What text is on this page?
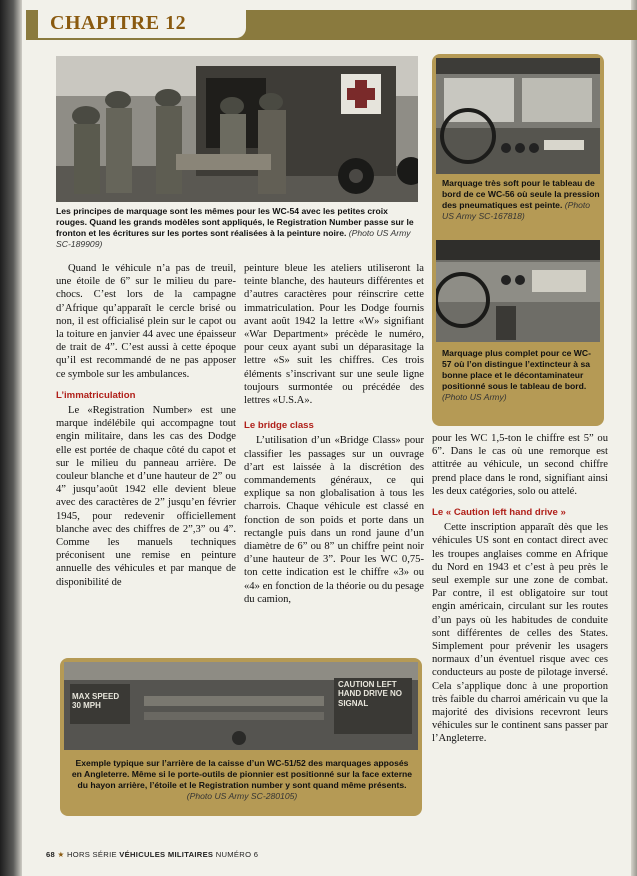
CHAPITRE 12
Les principes de marquage sont les mêmes pour les WC-54 avec les petites croix rouges. Quand les grands modèles sont appliqués, le Registration Number passe sur le fronton et les écritures sur les portes sont réalisées à la peinture noire. (Photo US Army SC-189909)
Marquage très soft pour le tableau de bord de ce WC-56 où seule la pression des pneumatiques est peinte. (Photo US Army SC-167818)
Marquage plus complet pour ce WC-57 où l’on distingue l’extincteur à sa bonne place et le décontaminateur positionné sous le tableau de bord. (Photo US Army)

Quand le véhicule n’a pas de treuil, une étoile de 6” sur le milieu du pare-chocs. C’est lors de la campagne d’Afrique qu’apparaît le cercle brisé ou non, il est officialisé plein sur le capot ou la toiture en janvier 44 avec une épaisseur de trait de 4”. C’est aussi à cette époque qu’il est recommandé de ne pas apposer ce symbole sur les ambulances.

L’immatriculation

Le «Registration Number» est une marque indélébile qui accompagne tout engin militaire, dans les cas des Dodge elle est portée de chaque côté du capot et sur le milieu du panneau arrière. De couleur blanche et d’une hauteur de 2” ou 4” jusqu’août 1942 elle devient bleue avec des caractères de 2” jusqu’en février 1945, pour redevenir officiellement blanche avec des chiffres de 2”,3” ou 4”. Comme les manuels techniques préconisent une remise en peinture annuelle des véhicules et par manque de disponibilité de

peinture bleue les ateliers utiliseront la teinte blanche, des hauteurs différentes et d’autres caractères pour réinscrire cette immatriculation. Pour les Dodge fournis avant août 1942 la lettre «W» signifiant «War Department» précède le numéro, pour ceux ayant subi un déparasitage la lettre «S» suit les chiffres. Ces trois éléments s’inscrivant sur une seule ligne toujours surmontée ou précédée des lettres «U.S.A».

Le bridge class

L’utilisation d’un «Bridge Class» pour classifier les passages sur un ouvrage d’art est laissée à la discrétion des commandements généraux, ce qui explique sa non globalisation à tous les charrois. Chaque véhicule est classé en fonction de son poids et porte dans un rectangle puis dans un rond jaune d’un diamètre de 6” ou 8” un chiffre peint noir d’une hauteur de 3”. Pour les WC 0,75-ton cette indication est le chiffre «3» ou «4» en fonction de la théorie ou du pesage du camion,

pour les WC 1,5-ton le chiffre est 5” ou 6”. Dans le cas où une remorque est attitrée au véhicule, un second chiffre prend place dans le rond, signifiant ainsi les deux catégories, solo ou attelé.

Le « Caution left hand drive »

Cette inscription apparaît dès que les véhicules US sont en contact direct avec les troupes anglaises comme en Afrique du Nord en 1943 et c’est à peu près le seul exemple sur une zone de combat. Par contre, il est obligatoire sur tout engin américain, circulant sur les routes d’un pays où les habitudes de conduite sont différentes de celles des States. Simplement pour prévenir les usagers normaux d’un éventuel risque avec ces conducteurs au poste de pilotage inversé. Cela s’applique donc à une proportion très faible du charroi américain vu que la majorité des divisions recevront leurs véhicules sur le continent sans passer par l’Angleterre.

MAX SPEED 30 MPH
CAUTION LEFT HAND DRIVE NO SIGNAL
Exemple typique sur l’arrière de la caisse d’un WC-51/52 des marquages apposés en Angleterre. Même si le porte-outils de pionnier est positionné sur la face externe du hayon arrière, l’étoile et le Registration number y sont quand même présents. (Photo US Army SC-280105)
68 ★ HORS SÉRIE VÉHICULES MILITAIRES NUMÉRO 6
